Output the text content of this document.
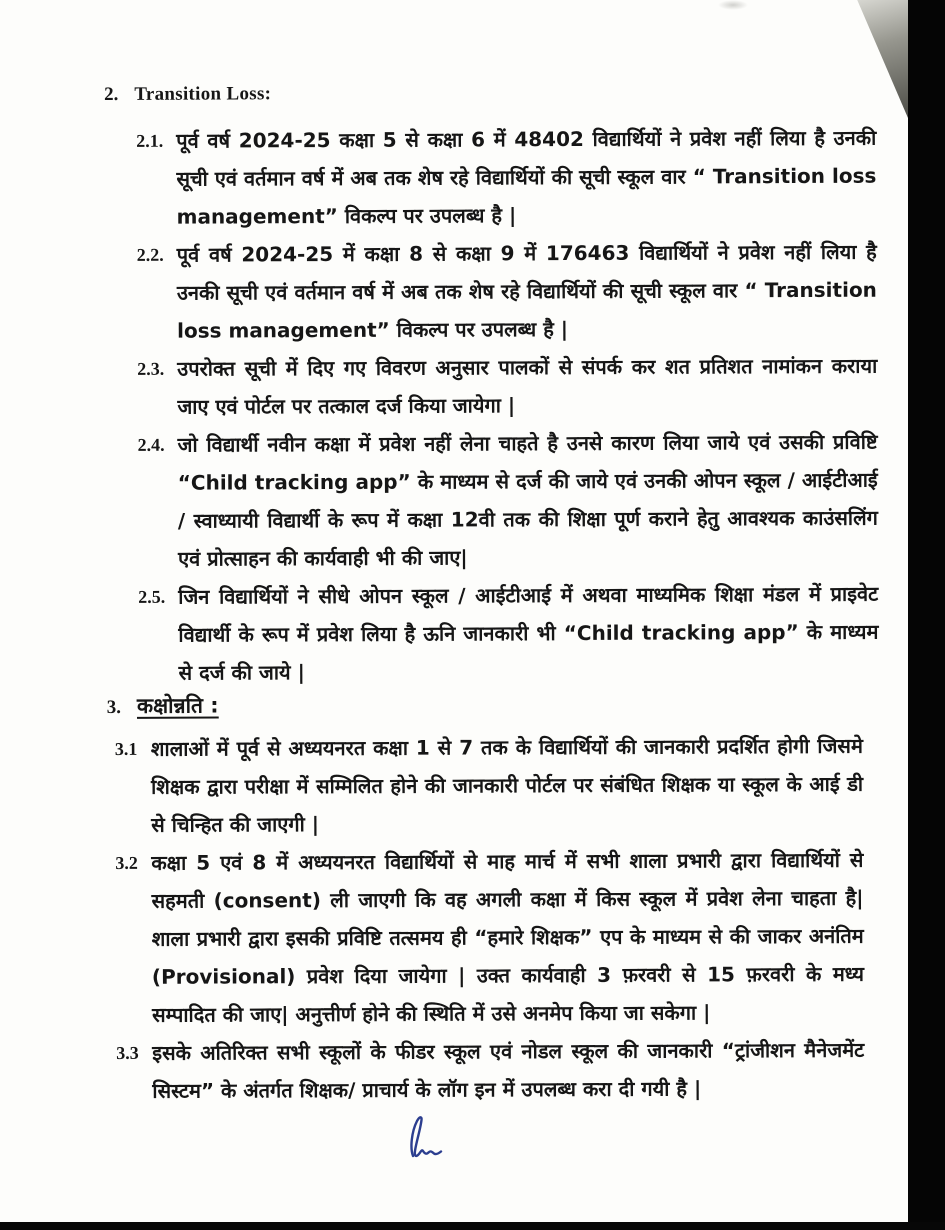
2. Transition Loss:
2.1. पूर्व वर्ष 2024-25 कक्षा 5 से कक्षा 6 में 48402 विद्यार्थियों ने प्रवेश नहीं लिया है उनकी सूची एवं वर्तमान वर्ष में अब तक शेष रहे विद्यार्थियों की सूची स्कूल वार “ Transition loss management” विकल्प पर उपलब्ध है |
2.2. पूर्व वर्ष 2024-25 में कक्षा 8 से कक्षा 9 में 176463 विद्यार्थियों ने प्रवेश नहीं लिया है उनकी सूची एवं वर्तमान वर्ष में अब तक शेष रहे विद्यार्थियों की सूची स्कूल वार “ Transition loss management” विकल्प पर उपलब्ध है |
2.3. उपरोक्त सूची में दिए गए विवरण अनुसार पालकों से संपर्क कर शत प्रतिशत नामांकन कराया जाए एवं पोर्टल पर तत्काल दर्ज किया जायेगा |
2.4. जो विद्यार्थी नवीन कक्षा में प्रवेश नहीं लेना चाहते है उनसे कारण लिया जाये एवं उसकी प्रविष्टि “Child tracking app” के माध्यम से दर्ज की जाये एवं उनकी ओपन स्कूल / आईटीआई / स्वाध्यायी विद्यार्थी के रूप में कक्षा 12वी तक की शिक्षा पूर्ण कराने हेतु आवश्यक काउंसलिंग एवं प्रोत्साहन की कार्यवाही भी की जाए|
2.5. जिन विद्यार्थियों ने सीधे ओपन स्कूल / आईटीआई में अथवा माध्यमिक शिक्षा मंडल में प्राइवेट विद्यार्थी के रूप में प्रवेश लिया है ऊनि जानकारी भी “Child tracking app” के माध्यम से दर्ज की जाये |
3. कक्षोन्नति :
3.1 शालाओं में पूर्व से अध्ययनरत कक्षा 1 से 7 तक के विद्यार्थियों की जानकारी प्रदर्शित होगी जिसमे शिक्षक द्वारा परीक्षा में सम्मिलित होने की जानकारी पोर्टल पर संबंधित शिक्षक या स्कूल के आई डी से चिन्हित की जाएगी |
3.2 कक्षा 5 एवं 8 में अध्ययनरत विद्यार्थियों से माह मार्च में सभी शाला प्रभारी द्वारा विद्यार्थियों से सहमती (consent) ली जाएगी कि वह अगली कक्षा में किस स्कूल में प्रवेश लेना चाहता है| शाला प्रभारी द्वारा इसकी प्रविष्टि तत्समय ही “हमारे शिक्षक” एप के माध्यम से की जाकर अनंतिम (Provisional) प्रवेश दिया जायेगा | उक्त कार्यवाही 3 फ़रवरी से 15 फ़रवरी के मध्य सम्पादित की जाए| अनुत्तीर्ण होने की स्थिति में उसे अनमेप किया जा सकेगा |
3.3 इसके अतिरिक्त सभी स्कूलों के फीडर स्कूल एवं नोडल स्कूल की जानकारी “ट्रांजीशन मैनेजमेंट सिस्टम” के अंतर्गत शिक्षक/ प्राचार्य के लॉग इन में उपलब्ध करा दी गयी है |
